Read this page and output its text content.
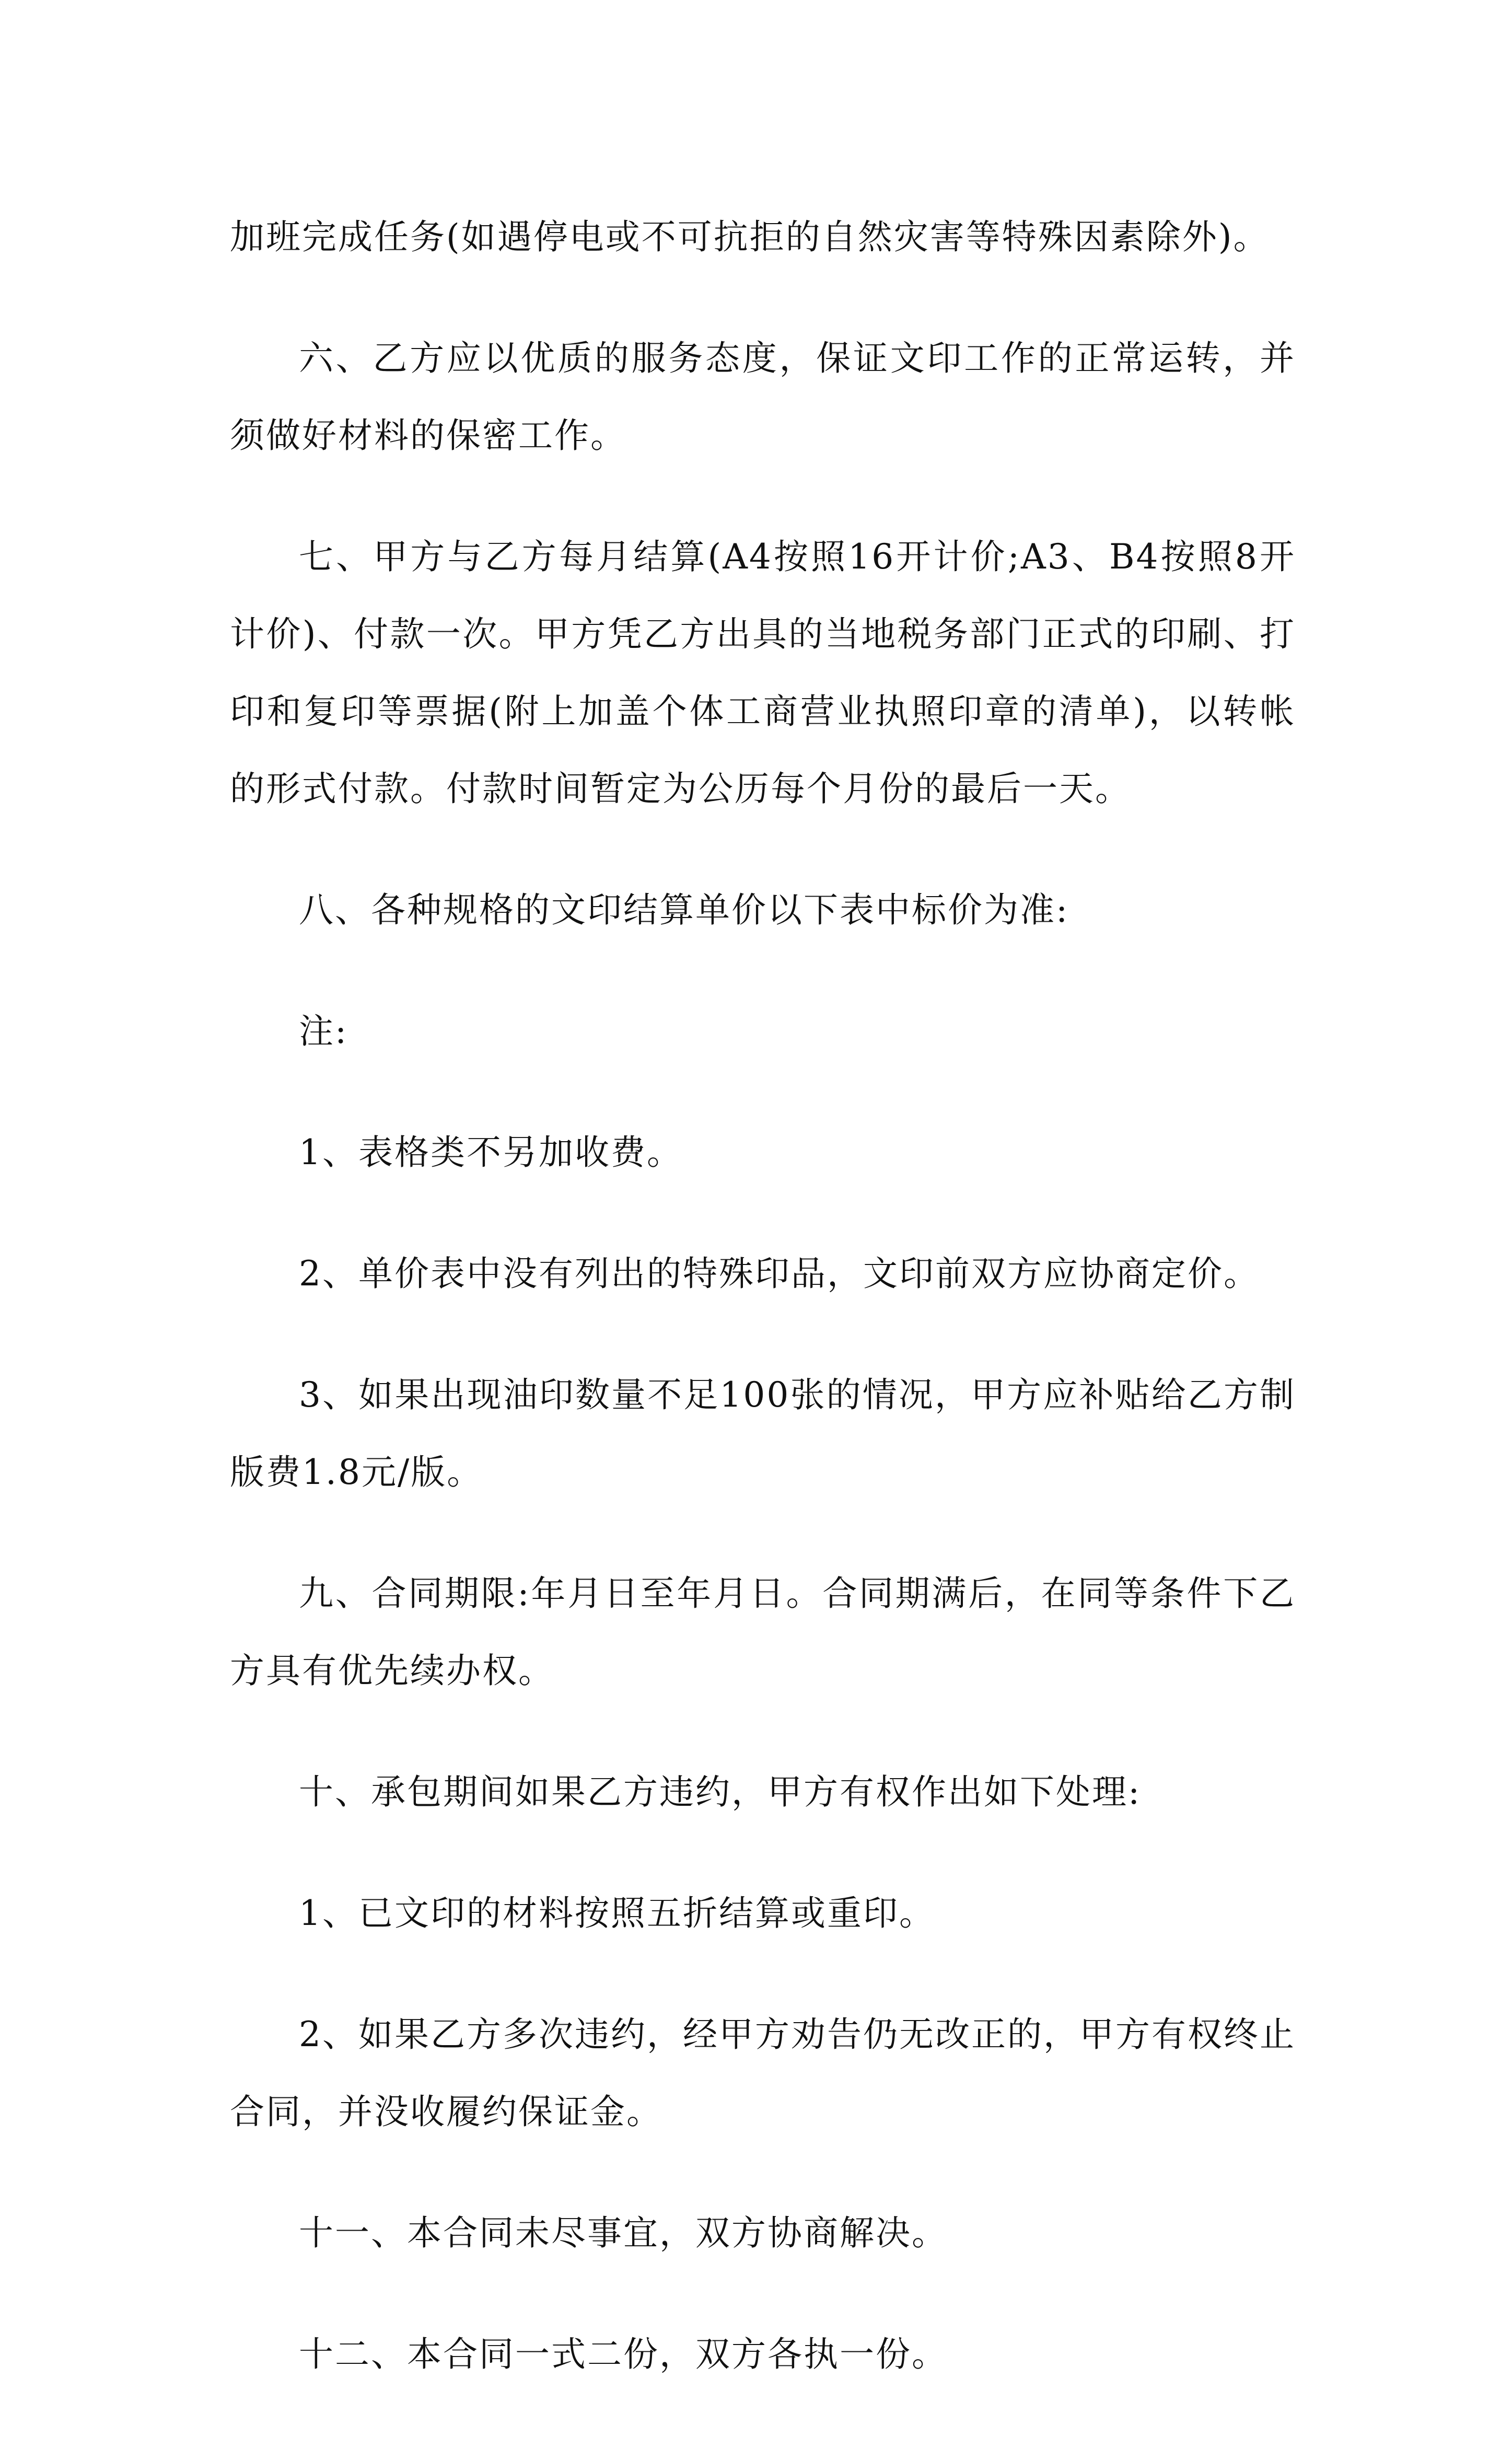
加班完成任务(如遇停电或不可抗拒的自然灾害等特殊因素除外)。

六、乙方应以优质的服务态度，保证文印工作的正常运转，并须做好材料的保密工作。

七、甲方与乙方每月结算(A4按照16开计价;A3、B4按照8开计价)、付款一次。甲方凭乙方出具的当地税务部门正式的印刷、打印和复印等票据(附上加盖个体工商营业执照印章的清单)，以转帐的形式付款。付款时间暂定为公历每个月份的最后一天。

八、各种规格的文印结算单价以下表中标价为准:

注:

1、表格类不另加收费。

2、单价表中没有列出的特殊印品，文印前双方应协商定价。

3、如果出现油印数量不足100张的情况，甲方应补贴给乙方制版费1.8元/版。

九、合同期限:年月日至年月日。合同期满后，在同等条件下乙方具有优先续办权。

十、承包期间如果乙方违约，甲方有权作出如下处理:

1、已文印的材料按照五折结算或重印。

2、如果乙方多次违约，经甲方劝告仍无改正的，甲方有权终止合同，并没收履约保证金。

十一、本合同未尽事宜，双方协商解决。

十二、本合同一式二份，双方各执一份。
